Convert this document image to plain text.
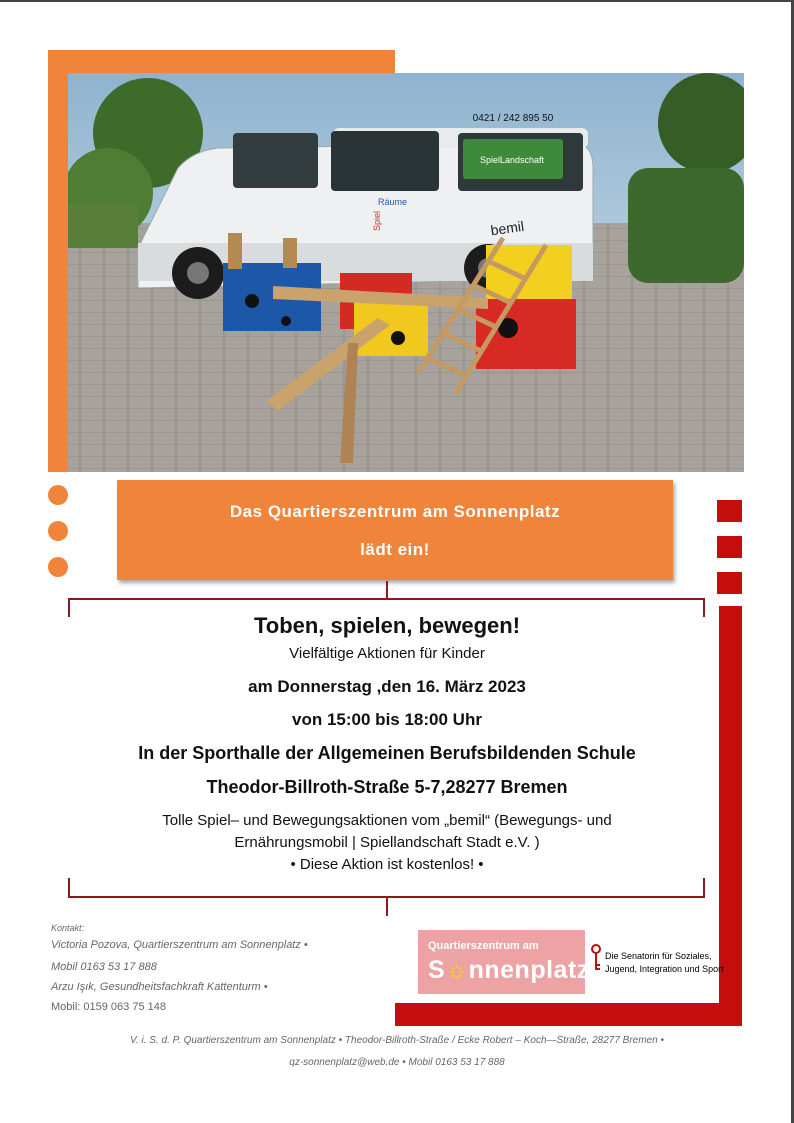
SpielLandschaft
0421 / 242 895 50
bemil
Räume
Spiel
Das Quartierszentrum am Sonnenplatz
lädt ein!
Toben, spielen, bewegen!
Vielfältige Aktionen für Kinder
am Donnerstag ,den 16. März 2023
von 15:00 bis 18:00 Uhr
In der Sporthalle der Allgemeinen Berufsbildenden Schule
Theodor-Billroth-Straße 5-7,28277 Bremen
Tolle Spiel– und Bewegungsaktionen vom „bemil“ (Bewegungs- und
Ernährungsmobil | Spiellandschaft Stadt e.V. )
• Diese Aktion ist kostenlos! •
Kontakt:
Victoria Pozova, Quartierszentrum am Sonnenplatz •
Mobil 0163 53 17 888
Arzu Işık, Gesundheitsfachkraft Kattenturm •
Mobil: 0159 063 75 148
Quartierszentrum am
S☼nnenplatz Die Senatorin für Soziales,
Jugend, Integration und Sport
V. i. S. d. P. Quartierszentrum am Sonnenplatz • Theodor-Billroth-Straße / Ecke Robert – Koch—Straße, 28277 Bremen •
qz-sonnenplatz@web.de • Mobil 0163 53 17 888
